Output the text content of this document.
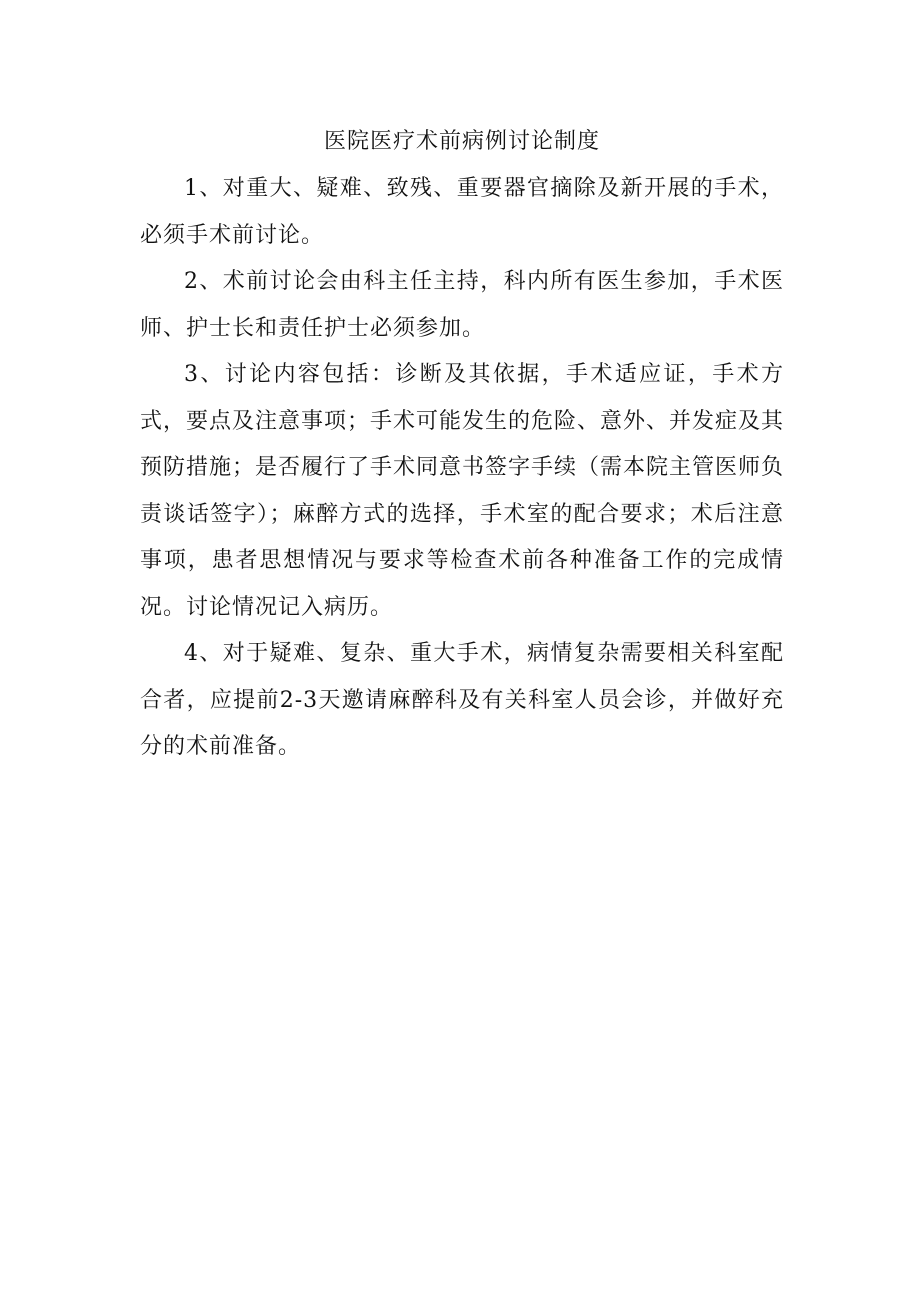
医院医疗术前病例讨论制度

1、对重大、疑难、致残、重要器官摘除及新开展的手术，必须手术前讨论。

2、术前讨论会由科主任主持，科内所有医生参加，手术医师、护士长和责任护士必须参加。

3、讨论内容包括：诊断及其依据，手术适应证，手术方式，要点及注意事项；手术可能发生的危险、意外、并发症及其预防措施；是否履行了手术同意书签字手续（需本院主管医师负责谈话签字）；麻醉方式的选择，手术室的配合要求；术后注意事项，患者思想情况与要求等检查术前各种准备工作的完成情况。讨论情况记入病历。

4、对于疑难、复杂、重大手术，病情复杂需要相关科室配合者，应提前2-3天邀请麻醉科及有关科室人员会诊，并做好充分的术前准备。
